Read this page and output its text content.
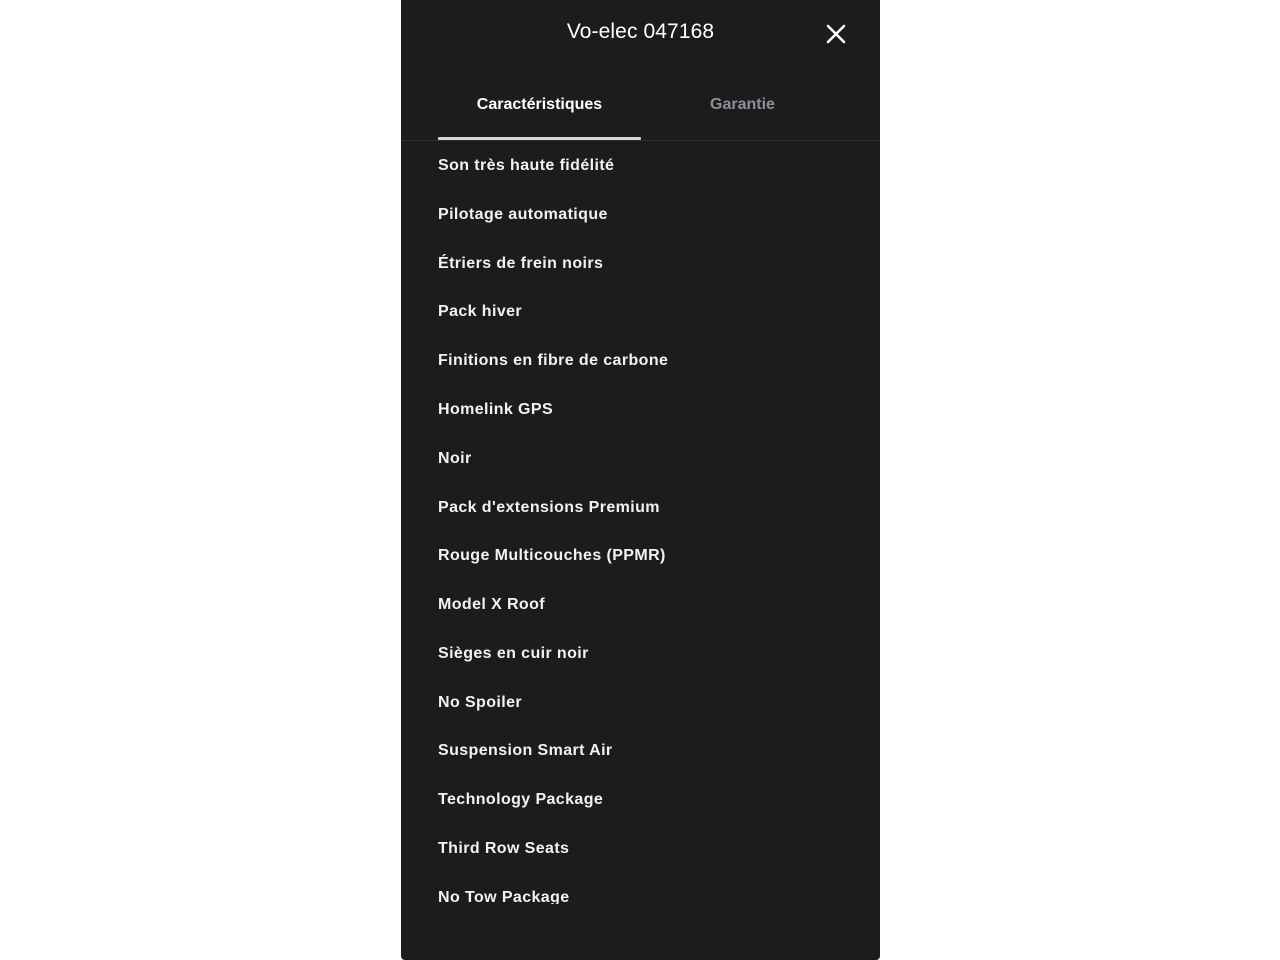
Vo-elec 047168
Caractéristiques	Garantie
Son très haute fidélité
Pilotage automatique
Étriers de frein noirs
Pack hiver
Finitions en fibre de carbone
Homelink GPS
Noir
Pack d'extensions Premium
Rouge Multicouches (PPMR)
Model X Roof
Sièges en cuir noir
No Spoiler
Suspension Smart Air
Technology Package
Third Row Seats
No Tow Package
